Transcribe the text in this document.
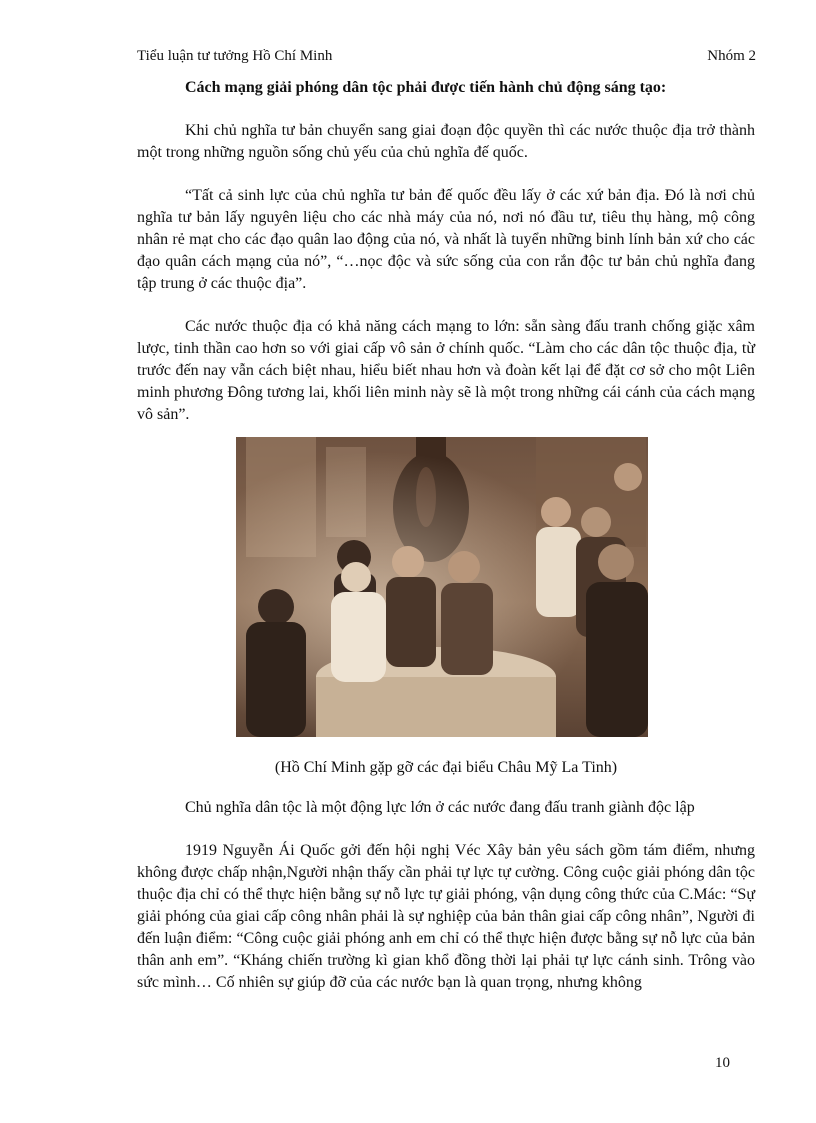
Tiểu luận tư tưởng Hồ Chí Minh	Nhóm 2

Cách mạng giải phóng dân tộc phải được tiến hành chủ động sáng tạo:

Khi chủ nghĩa tư bản chuyển sang giai đoạn độc quyền thì các nước thuộc địa trở thành một trong những nguồn sống chủ yếu của chủ nghĩa đế quốc.

“Tất cả sinh lực của chủ nghĩa tư bản đế quốc đều lấy ở các xứ bản địa. Đó là nơi chủ nghĩa tư bản lấy nguyên liệu cho các nhà máy của nó, nơi nó đầu tư, tiêu thụ hàng, mộ công nhân rẻ mạt cho các đạo quân lao động của nó, và nhất là tuyển những binh lính bản xứ cho các đạo quân cách mạng của nó”, “…nọc độc và sức sống của con rắn độc tư bản chủ nghĩa đang tập trung ở các thuộc địa”.

Các nước thuộc địa có khả năng cách mạng to lớn: sẵn sàng đấu tranh chống giặc xâm lược, tinh thần cao hơn so với giai cấp vô sản ở chính quốc. “Làm cho các dân tộc thuộc địa, từ trước đến nay vẫn cách biệt nhau, hiểu biết nhau hơn và đoàn kết lại để đặt cơ sở cho một Liên minh phương Đông tương lai, khối liên minh này sẽ là một trong những cái cánh của cách mạng vô sản”.

(Hồ Chí Minh gặp gỡ các đại biểu Châu Mỹ La Tinh)

Chủ nghĩa dân tộc là một động lực lớn ở các nước đang đấu tranh giành độc lập

1919 Nguyễn Ái Quốc gởi đến hội nghị Véc Xây bản yêu sách gồm tám điểm, nhưng không được chấp nhận,Người nhận thấy cần phải tự lực tự cường. Công cuộc giải phóng dân tộc thuộc địa chỉ có thể thực hiện bằng sự nỗ lực tự giải phóng, vận dụng công thức của C.Mác: “Sự giải phóng của giai cấp công nhân phải là sự nghiệp của bản thân giai cấp công nhân”, Người đi đến luận điểm: “Công cuộc giải phóng anh em chỉ có thể thực hiện được bằng sự nỗ lực của bản thân anh em”. “Kháng chiến trường kì gian khổ đồng thời lại phải tự lực cánh sinh. Trông vào sức mình… Cố nhiên sự giúp đỡ của các nước bạn là quan trọng, nhưng không

10
